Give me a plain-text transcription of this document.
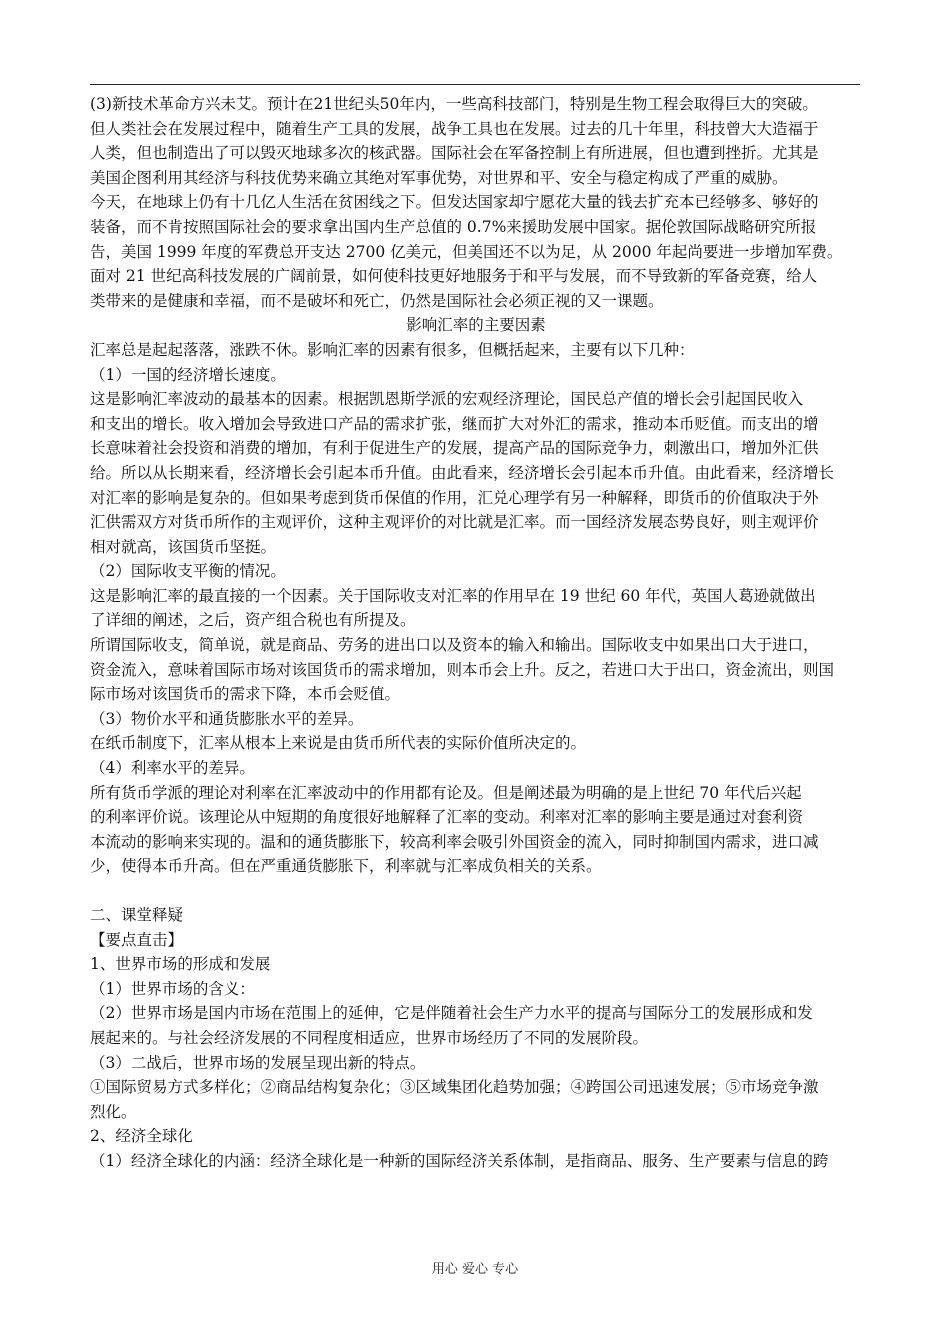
(3)新技术革命方兴未艾。预计在21世纪头50年内，一些高科技部门，特别是生物工程会取得巨大的突破。
但人类社会在发展过程中，随着生产工具的发展，战争工具也在发展。过去的几十年里，科技曾大大造福于
人类，但也制造出了可以毁灭地球多次的核武器。国际社会在军备控制上有所进展，但也遭到挫折。尤其是
美国企图利用其经济与科技优势来确立其绝对军事优势，对世界和平、安全与稳定构成了严重的威胁。
今天，在地球上仍有十几亿人生活在贫困线之下。但发达国家却宁愿花大量的钱去扩充本已经够多、够好的
装备，而不肯按照国际社会的要求拿出国内生产总值的 0.7%来援助发展中国家。据伦敦国际战略研究所报
告，美国 1999 年度的军费总开支达 2700 亿美元，但美国还不以为足，从 2000 年起尚要进一步增加军费。
面对 21 世纪高科技发展的广阔前景，如何使科技更好地服务于和平与发展，而不导致新的军备竞赛，给人
类带来的是健康和幸福，而不是破坏和死亡，仍然是国际社会必须正视的又一课题。
影响汇率的主要因素
汇率总是起起落落，涨跌不休。影响汇率的因素有很多，但概括起来，主要有以下几种：
（1）一国的经济增长速度。
这是影响汇率波动的最基本的因素。根据凯恩斯学派的宏观经济理论，国民总产值的增长会引起国民收入
和支出的增长。收入增加会导致进口产品的需求扩张，继而扩大对外汇的需求，推动本币贬值。而支出的增
长意味着社会投资和消费的增加，有利于促进生产的发展，提高产品的国际竞争力，刺激出口，增加外汇供
给。所以从长期来看，经济增长会引起本币升值。由此看来，经济增长会引起本币升值。由此看来，经济增长
对汇率的影响是复杂的。但如果考虑到货币保值的作用，汇兑心理学有另一种解释，即货币的价值取决于外
汇供需双方对货币所作的主观评价，这种主观评价的对比就是汇率。而一国经济发展态势良好，则主观评价
相对就高，该国货币坚挺。
（2）国际收支平衡的情况。
这是影响汇率的最直接的一个因素。关于国际收支对汇率的作用早在 19 世纪 60 年代，英国人葛逊就做出
了详细的阐述，之后，资产组合税也有所提及。
所谓国际收支，简单说，就是商品、劳务的进出口以及资本的输入和输出。国际收支中如果出口大于进口，
资金流入，意味着国际市场对该国货币的需求增加，则本币会上升。反之，若进口大于出口，资金流出，则国
际市场对该国货币的需求下降，本币会贬值。
（3）物价水平和通货膨胀水平的差异。
在纸币制度下，汇率从根本上来说是由货币所代表的实际价值所决定的。
（4）利率水平的差异。
所有货币学派的理论对利率在汇率波动中的作用都有论及。但是阐述最为明确的是上世纪 70 年代后兴起
的利率评价说。该理论从中短期的角度很好地解释了汇率的变动。利率对汇率的影响主要是通过对套利资
本流动的影响来实现的。温和的通货膨胀下，较高利率会吸引外国资金的流入，同时抑制国内需求，进口减
少，使得本币升高。但在严重通货膨胀下，利率就与汇率成负相关的关系。
二、课堂释疑
【要点直击】
1、世界市场的形成和发展
（1）世界市场的含义：
（2）世界市场是国内市场在范围上的延伸，它是伴随着社会生产力水平的提高与国际分工的发展形成和发
展起来的。与社会经济发展的不同程度相适应，世界市场经历了不同的发展阶段。
（3）二战后，世界市场的发展呈现出新的特点。
①国际贸易方式多样化；②商品结构复杂化；③区域集团化趋势加强；④跨国公司迅速发展；⑤市场竞争激
烈化。
2、经济全球化
（1）经济全球化的内涵：经济全球化是一种新的国际经济关系体制，是指商品、服务、生产要素与信息的跨
用心 爱心 专心
